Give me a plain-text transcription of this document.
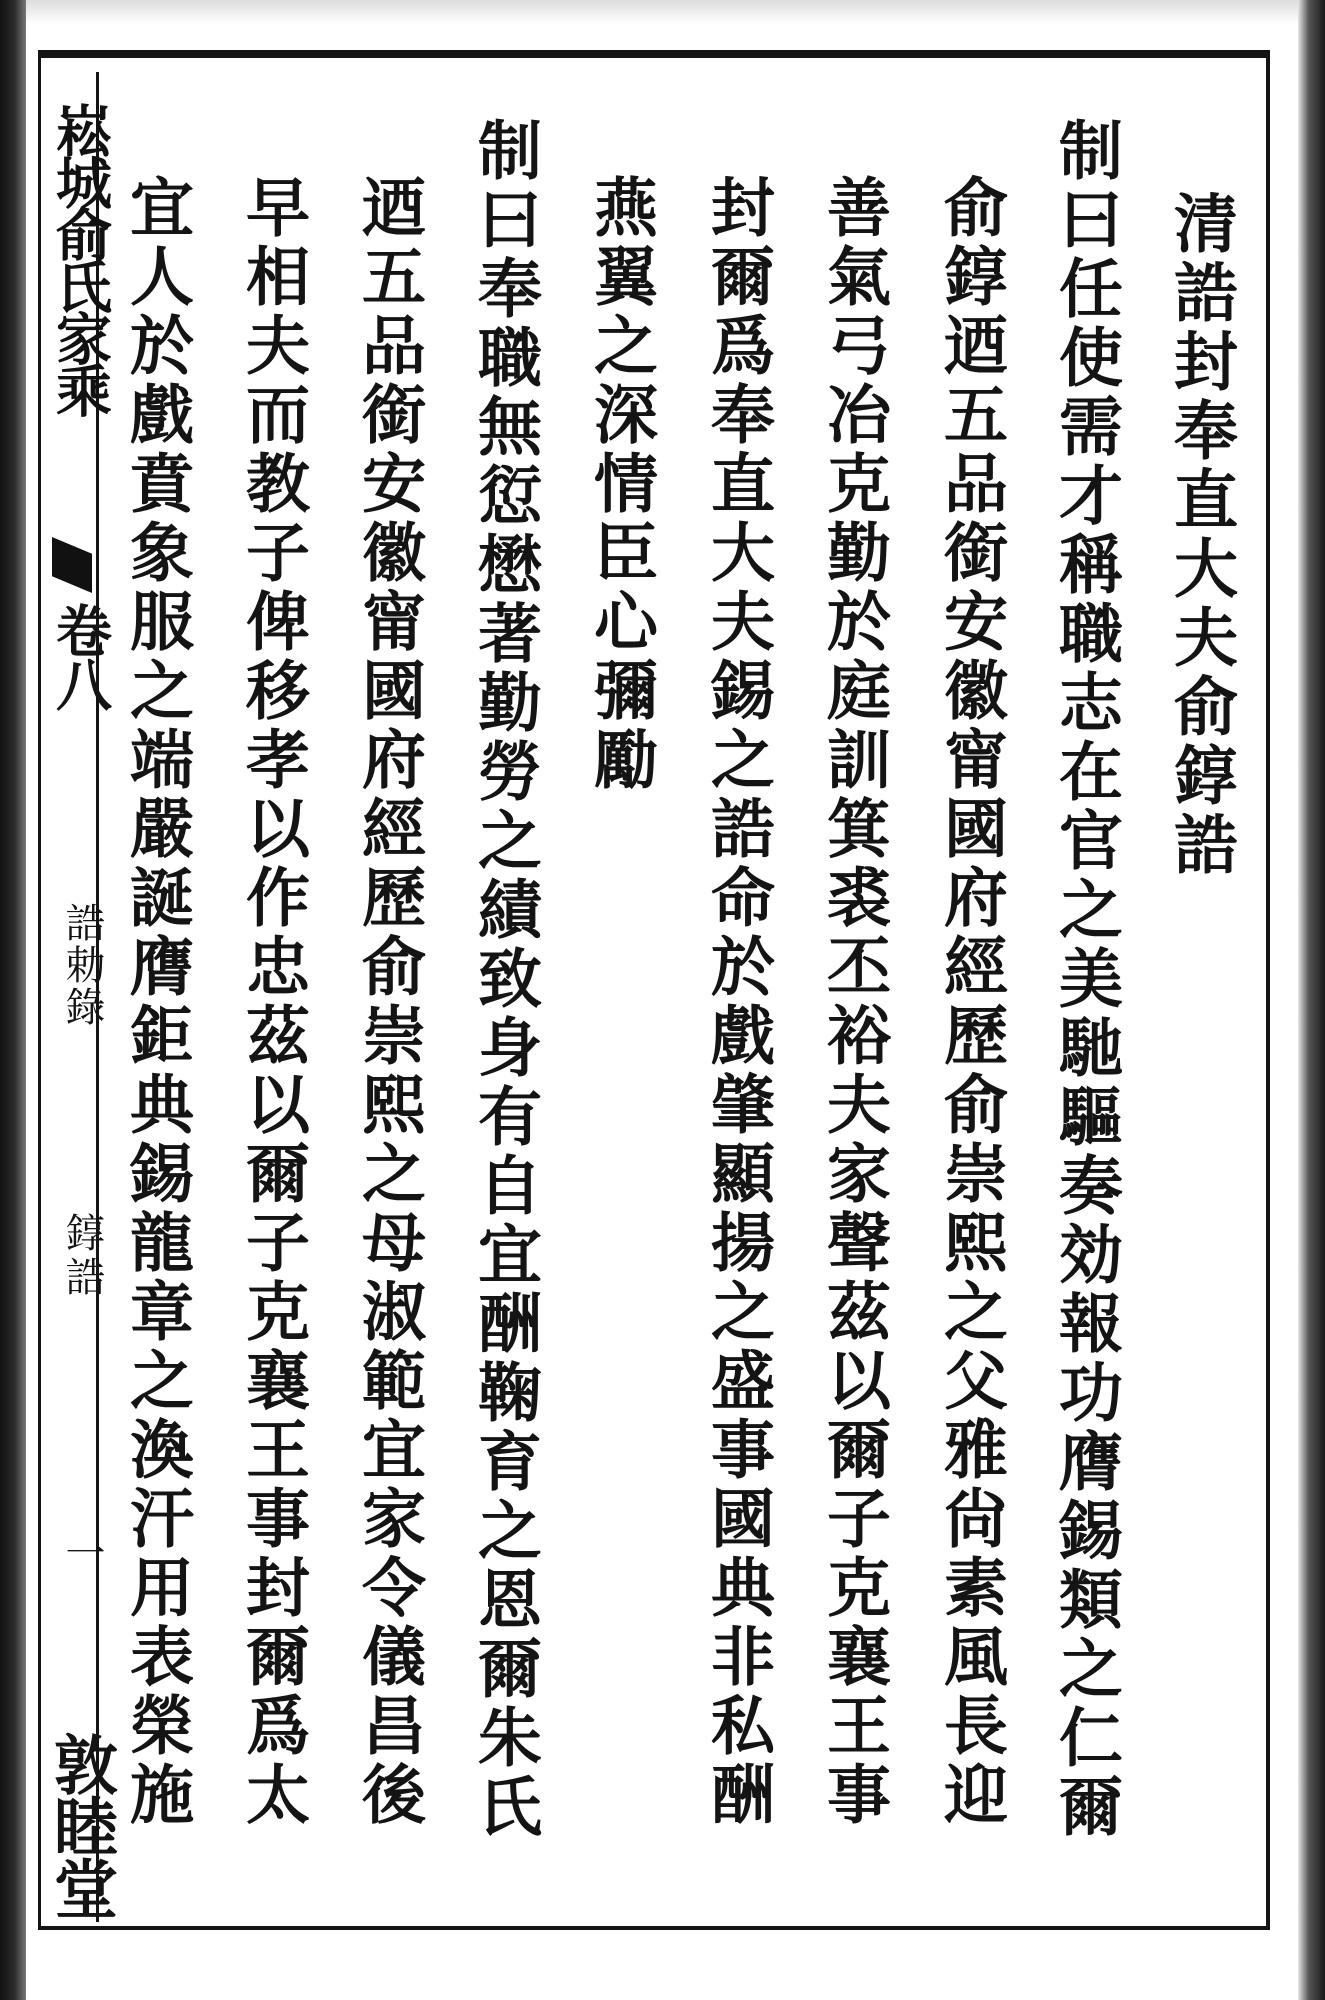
崧城俞氏家乘
卷八
誥勅錄
錞誥
一
敦睦堂
清誥封奉直大夫俞錞誥
制曰任使需才稱職志在官之美馳驅奏効報功膺錫類之仁爾
俞錞迺五品銜安徽甯國府經歷俞崇熙之父雅尙素風長迎
善氣弓冶克勤於庭訓箕裘丕裕夫家聲茲以爾子克襄王事
封爾爲奉直大夫錫之誥命於戲肇顯揚之盛事國典非私酬
燕翼之深情臣心彌勵
制曰奉職無愆懋著勤勞之績致身有自宜酬鞠育之恩爾朱氏
迺五品銜安徽甯國府經歷俞崇熙之母淑範宜家令儀昌後
早相夫而教子俾移孝以作忠茲以爾子克襄王事封爾爲太
宜人於戲賁象服之端嚴誕膺鉅典錫龍章之渙汗用表榮施
